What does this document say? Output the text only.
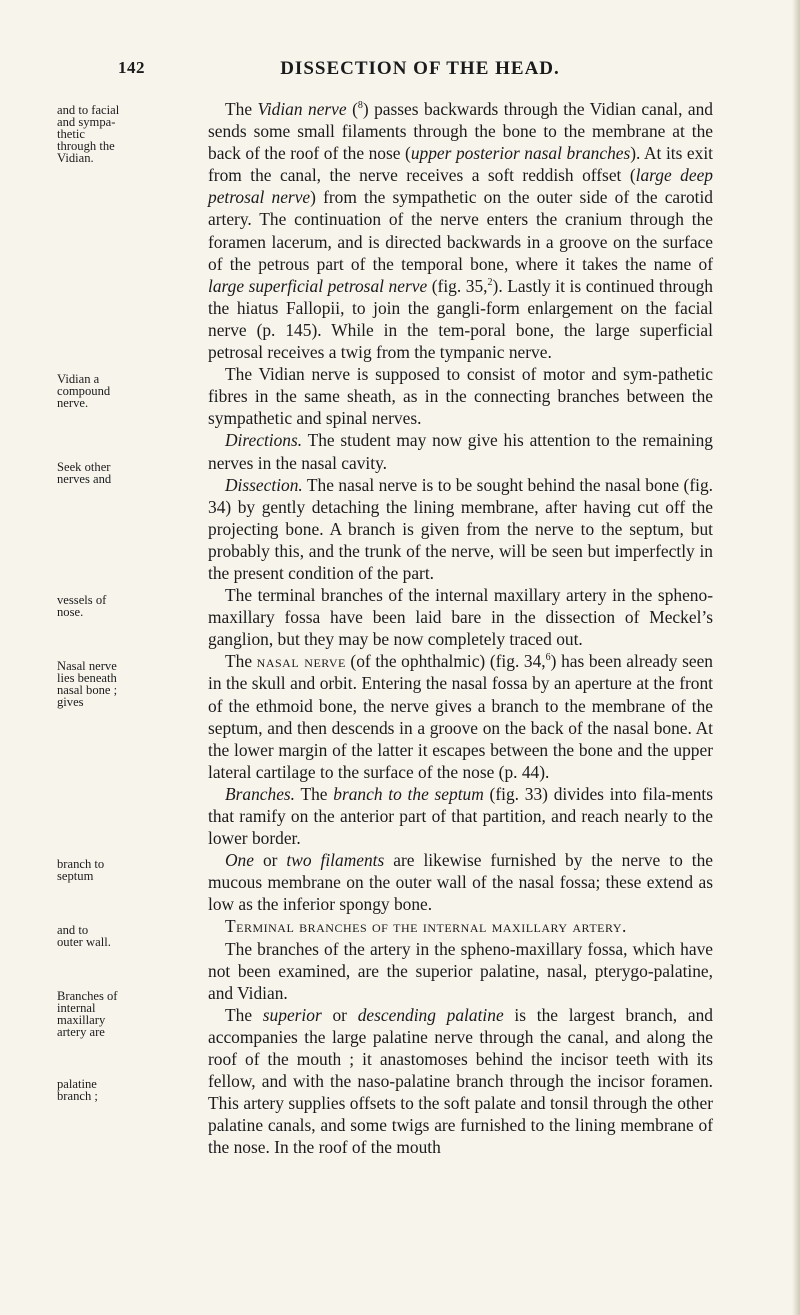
142	DISSECTION OF THE HEAD.
and to facial
and sympa-
thetic
through the
Vidian.
Vidian a
compound
nerve.
Seek other
nerves and
vessels of
nose.
Nasal nerve
lies beneath
nasal bone ;
gives
branch to
septum
and to
outer wall.
Branches of
internal
maxillary
artery are
palatine
branch ;

The Vidian nerve ($^8$) passes backwards through the Vidian canal, and sends some small filaments through the bone to the membrane at the back of the roof of the nose (upper posterior nasal branches). At its exit from the canal, the nerve receives a soft reddish offset (large deep petrosal nerve) from the sympathetic on the outer side of the carotid artery. The continuation of the nerve enters the cranium through the foramen lacerum, and is directed backwards in a groove on the surface of the petrous part of the temporal bone, where it takes the name of large superficial petrosal nerve (fig. 35,$^2$). Lastly it is continued through the hiatus Fallopii, to join the gangli-form enlargement on the facial nerve (p. 145). While in the tem-poral bone, the large superficial petrosal receives a twig from the tympanic nerve.

The Vidian nerve is supposed to consist of motor and sym-pathetic fibres in the same sheath, as in the connecting branches between the sympathetic and spinal nerves.

Directions. The student may now give his attention to the remaining nerves in the nasal cavity.

Dissection. The nasal nerve is to be sought behind the nasal bone (fig. 34) by gently detaching the lining membrane, after having cut off the projecting bone. A branch is given from the nerve to the septum, but probably this, and the trunk of the nerve, will be seen but imperfectly in the present condition of the part.

The terminal branches of the internal maxillary artery in the spheno-maxillary fossa have been laid bare in the dissection of Meckel’s ganglion, but they may be now completely traced out.

The nasal nerve (of the ophthalmic) (fig. 34,$^6$) has been already seen in the skull and orbit. Entering the nasal fossa by an aperture at the front of the ethmoid bone, the nerve gives a branch to the membrane of the septum, and then descends in a groove on the back of the nasal bone. At the lower margin of the latter it escapes between the bone and the upper lateral cartilage to the surface of the nose (p. 44).

Branches. The branch to the septum (fig. 33) divides into fila-ments that ramify on the anterior part of that partition, and reach nearly to the lower border.

One or two filaments are likewise furnished by the nerve to the mucous membrane on the outer wall of the nasal fossa; these extend as low as the inferior spongy bone.

Terminal branches of the internal maxillary artery.

The branches of the artery in the spheno-maxillary fossa, which have not been examined, are the superior palatine, nasal, pterygo-palatine, and Vidian.

The superior or descending palatine is the largest branch, and accompanies the large palatine nerve through the canal, and along the roof of the mouth ; it anastomoses behind the incisor teeth with its fellow, and with the naso-palatine branch through the incisor foramen. This artery supplies offsets to the soft palate and tonsil through the other palatine canals, and some twigs are furnished to the lining membrane of the nose. In the roof of the mouth
